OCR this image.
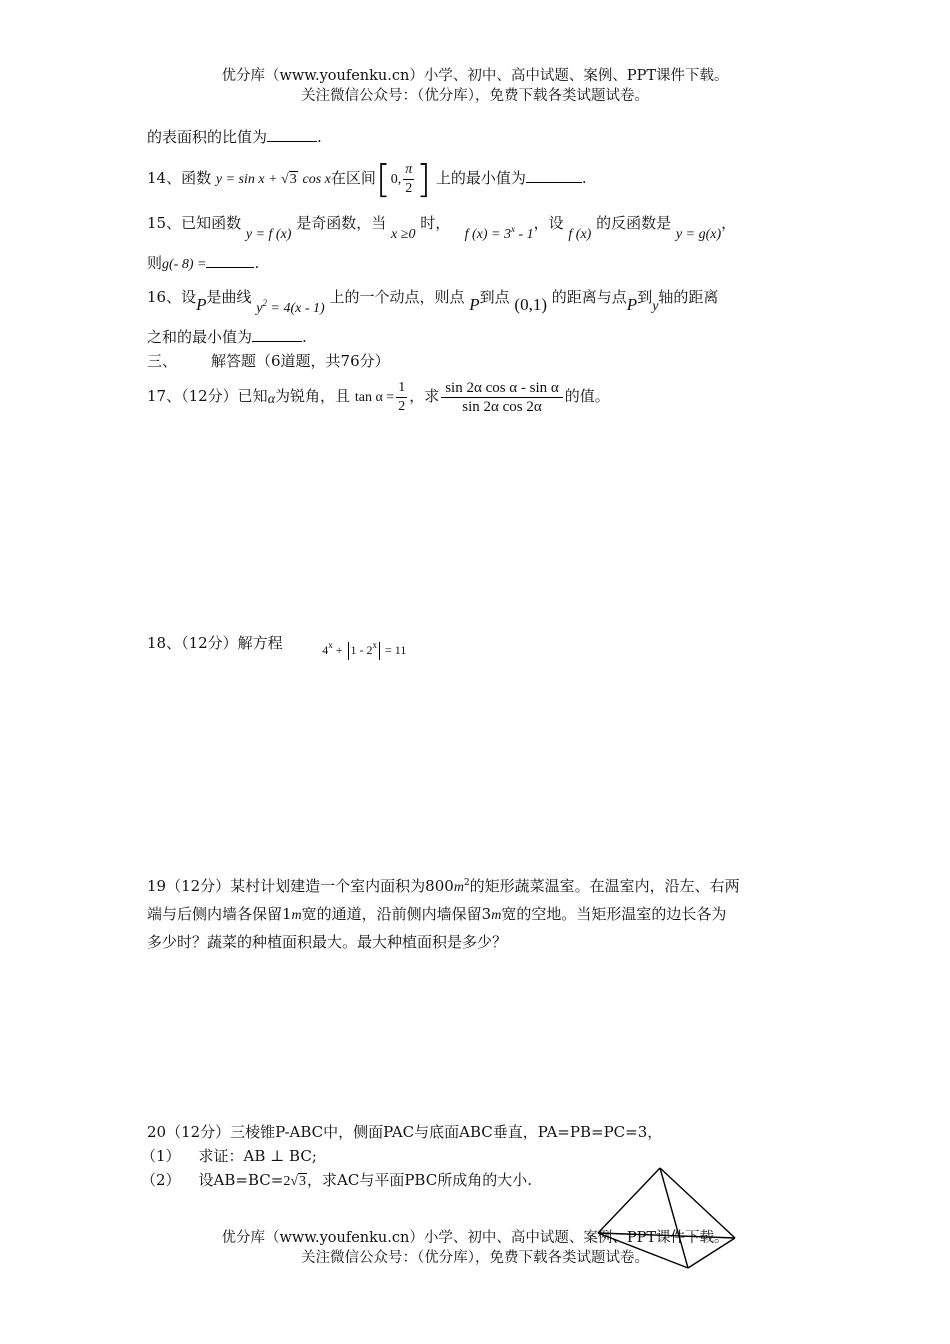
优分库（www.youfenku.cn）小学、初中、高中试题、案例、PPT课件下载。
关注微信公众号：（优分库），免费下载各类试题试卷。
的表面积的比值为	.
14、函数 y = sin x + √3 cos x在区间[0, $\frac{\pi}{2}$ ] 上的最小值为	.
15、已知函数 y = f (x) 是奇函数，当 x ≥0 时，   f $(x) = 3^x - 1$，设 f (x) 的反函数是 y = g(x)，
则g(- 8) =	.
16、设P是曲线 $y^2 = 4(x - 1)$ 上的一个动点，则点 P到点 (0,1) 的距离与点P到y轴的距离
之和的最小值为	.
三、 解答题（6道题，共76分）
17、（12分）已知α为锐角，且 $\tan \alpha = \frac{1}{2}$ ，求 $\frac{\text{sin 2α cos α - sin α}}{\text{sin 2α cos 2α}}$ 的值。
18、（12分）解方程	$_{4^x + 1 - 2^x = 11}$
19（12分）某村计划建造一个室内面积为$800m^2$的矩形蔬菜温室。在温室内，沿左、右两
端与后侧内墙各保留1m宽的通道，沿前侧内墙保留3m宽的空地。当矩形温室的边长各为
多少时？蔬菜的种植面积最大。最大种植面积是多少？
20（12分）三棱锥P-ABC中，侧面PAC与底面ABC垂直，PA=PB=PC=3，
（1） 求证：AB ⊥ BC;
（2） 设AB=BC=2√3，求AC与平面PBC所成角的大小.
优分库（www.youfenku.cn）小学、初中、高中试题、案例、PPT课件下载。
关注微信公众号：（优分库），免费下载各类试题试卷。
